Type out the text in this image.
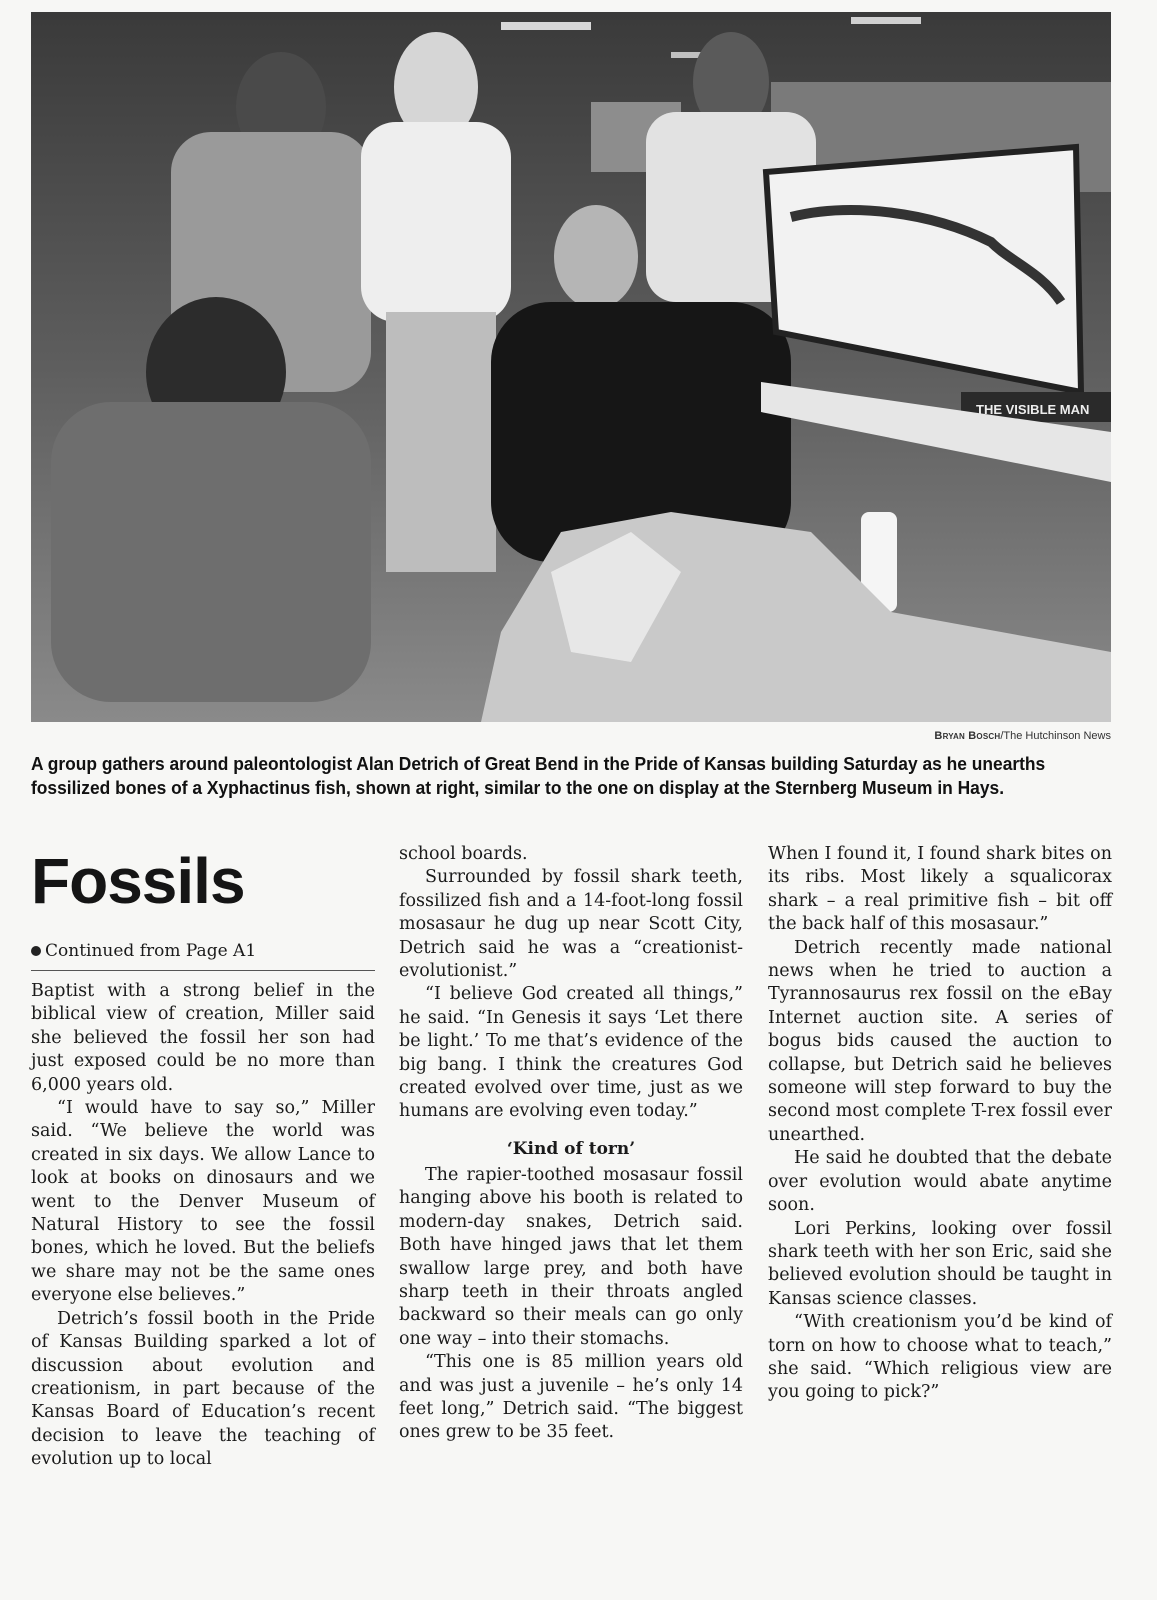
THE VISIBLE MAN
Bryan Bosch/The Hutchinson News
A group gathers around paleontologist Alan Detrich of Great Bend in the Pride of Kansas building Saturday as he unearths fossilized bones of a Xyphactinus fish, shown at right, similar to the one on display at the Sternberg Museum in Hays.
Fossils
Continued from Page A1

Baptist with a strong belief in the biblical view of creation, Miller said she believed the fossil her son had just exposed could be no more than 6,000 years old.

“I would have to say so,” Miller said. “We believe the world was created in six days. We allow Lance to look at books on dinosaurs and we went to the Denver Museum of Natural History to see the fossil bones, which he loved. But the beliefs we share may not be the same ones everyone else believes.”

Detrich’s fossil booth in the Pride of Kansas Building sparked a lot of discussion about evolution and creationism, in part because of the Kansas Board of Education’s recent decision to leave the teaching of evolution up to local

school boards.

Surrounded by fossil shark teeth, fossilized fish and a 14-foot-long fossil mosasaur he dug up near Scott City, Detrich said he was a “creationist-evolutionist.”

“I believe God created all things,” he said. “In Genesis it says ‘Let there be light.’ To me that’s evidence of the big bang. I think the creatures God created evolved over time, just as we humans are evolving even today.”

‘Kind of torn’

The rapier-toothed mosasaur fossil hanging above his booth is related to modern-day snakes, Detrich said. Both have hinged jaws that let them swallow large prey, and both have sharp teeth in their throats angled backward so their meals can go only one way – into their stomachs.

“This one is 85 million years old and was just a juvenile – he’s only 14 feet long,” Detrich said. “The biggest ones grew to be 35 feet.

When I found it, I found shark bites on its ribs. Most likely a squalicorax shark – a real primitive fish – bit off the back half of this mosasaur.”

Detrich recently made national news when he tried to auction a Tyrannosaurus rex fossil on the eBay Internet auction site. A series of bogus bids caused the auction to collapse, but Detrich said he believes someone will step forward to buy the second most complete T-rex fossil ever unearthed.

He said he doubted that the debate over evolution would abate anytime soon.

Lori Perkins, looking over fossil shark teeth with her son Eric, said she believed evolution should be taught in Kansas science classes.

“With creationism you’d be kind of torn on how to choose what to teach,” she said. “Which religious view are you going to pick?”
